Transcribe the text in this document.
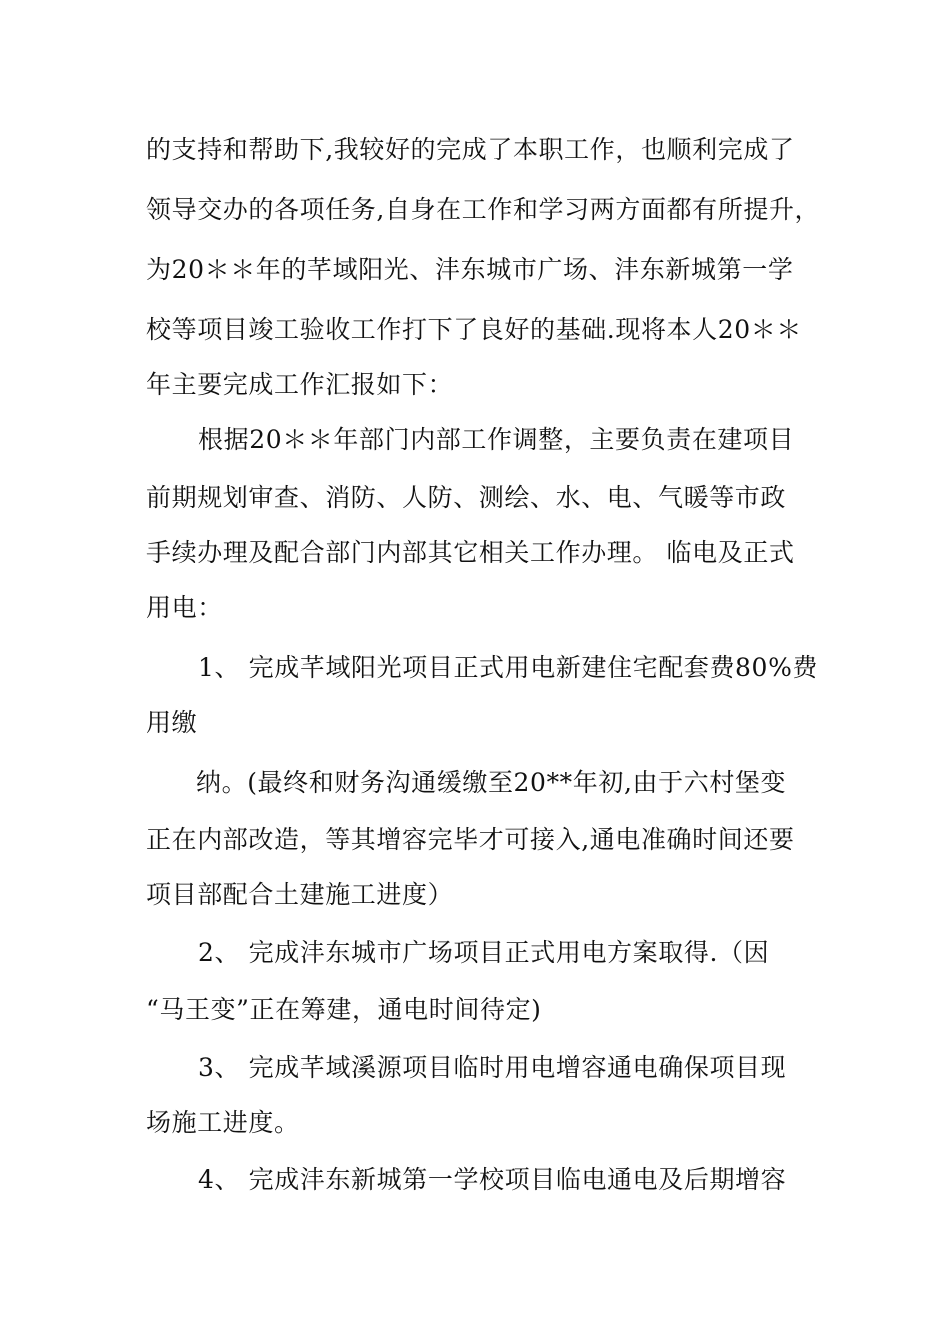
的支持和帮助下,我较好的完成了本职工作，也顺利完成了
领导交办的各项任务,自身在工作和学习两方面都有所提升，
为20＊＊年的芊域阳光、沣东城市广场、沣东新城第一学
校等项目竣工验收工作打下了良好的基础.现将本人20＊＊
年主要完成工作汇报如下：
根据20＊＊年部门内部工作调整，主要负责在建项目
前期规划审查、消防、人防、测绘、水、电、气暖等市政
手续办理及配合部门内部其它相关工作办理。 临电及正式
用电：
1、 完成芊域阳光项目正式用电新建住宅配套费80%费
用缴
纳。(最终和财务沟通缓缴至20**年初,由于六村堡变
正在内部改造，等其增容完毕才可接入,通电准确时间还要
项目部配合土建施工进度）
2、 完成沣东城市广场项目正式用电方案取得.（因
“马王变”正在筹建，通电时间待定)
3、 完成芊域溪源项目临时用电增容通电确保项目现
场施工进度。
4、 完成沣东新城第一学校项目临电通电及后期增容
